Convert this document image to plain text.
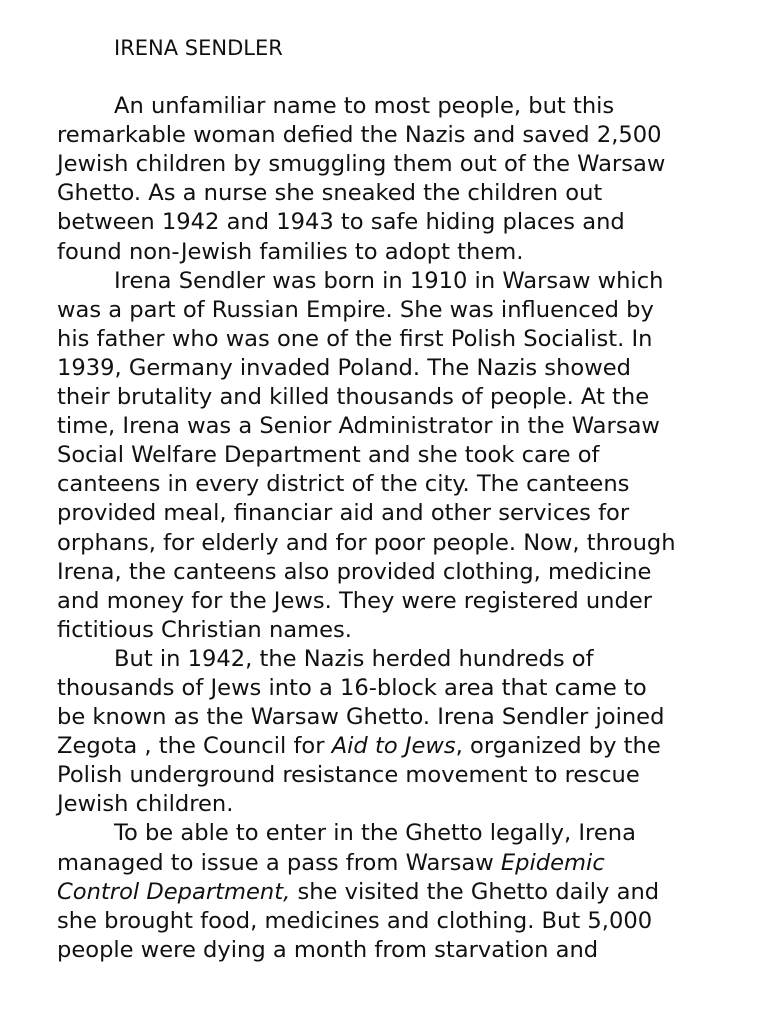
IRENA SENDLER

An unfamiliar name to most people, but this
remarkable woman defied the Nazis and saved 2,500
Jewish children by smuggling them out of the Warsaw
Ghetto. As a nurse she sneaked the children out
between 1942 and 1943 to safe hiding places and
found non-Jewish families to adopt them.

Irena Sendler was born in 1910 in Warsaw which
was a part of Russian Empire. She was influenced by
his father who was one of the first Polish Socialist. In
1939, Germany invaded Poland. The Nazis showed
their brutality and killed thousands of people. At the
time, Irena was a Senior Administrator in the Warsaw
Social Welfare Department and she took care of
canteens in every district of the city. The canteens
provided meal, financiar aid and other services for
orphans, for elderly and for poor people. Now, through
Irena, the canteens also provided clothing, medicine
and money for the Jews. They were registered under
fictitious Christian names.

But in 1942, the Nazis herded hundreds of
thousands of Jews into a 16-block area that came to
be known as the Warsaw Ghetto. Irena Sendler joined
Zegota , the Council for Aid to Jews, organized by the
Polish underground resistance movement to rescue
Jewish children.

To be able to enter in the Ghetto legally, Irena
managed to issue a pass from Warsaw Epidemic
Control Department, she visited the Ghetto daily and
she brought food, medicines and clothing. But 5,000
people were dying a month from starvation and
